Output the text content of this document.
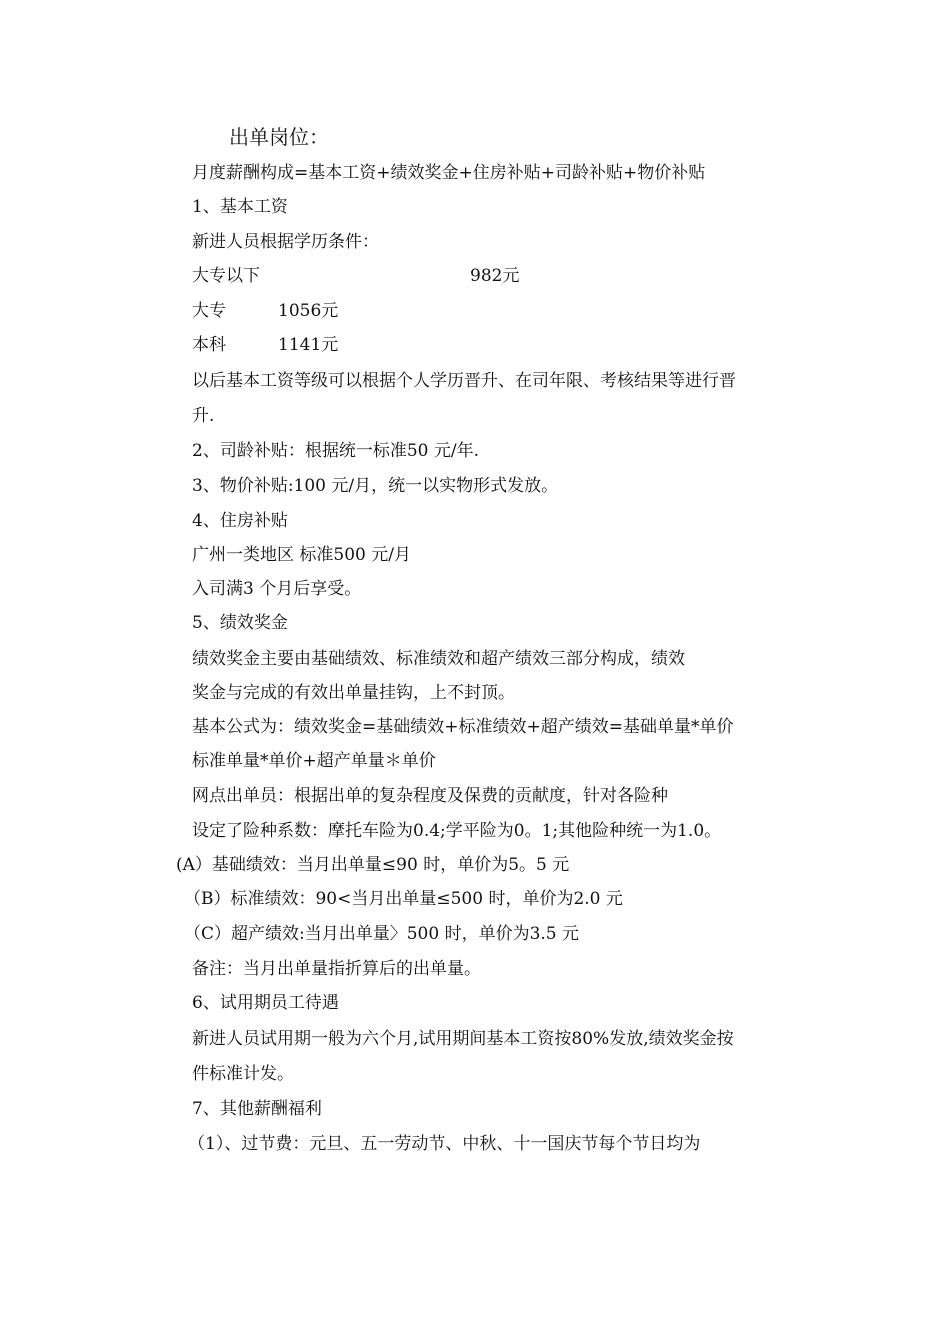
出单岗位：
月度薪酬构成=基本工资+绩效奖金+住房补贴+司龄补贴+物价补贴
1、基本工资
新进人员根据学历条件：
大专以下	982元
大专	1056元
本科	1141元
以后基本工资等级可以根据个人学历晋升、在司年限、考核结果等进行晋
升.
2、司龄补贴：根据统一标准50 元/年.
3、物价补贴:100 元/月，统一以实物形式发放。
4、住房补贴
广州一类地区 标准500 元/月
入司满3 个月后享受。
5、绩效奖金
绩效奖金主要由基础绩效、标准绩效和超产绩效三部分构成，绩效
奖金与完成的有效出单量挂钩，上不封顶。
基本公式为：绩效奖金=基础绩效+标准绩效+超产绩效=基础单量*单价
标准单量*单价+超产单量＊单价
网点出单员：根据出单的复杂程度及保费的贡献度，针对各险种
设定了险种系数：摩托车险为0.4;学平险为0。1;其他险种统一为1.0。
(A）基础绩效：当月出单量≤90 时，单价为5。5 元
（B）标准绩效：90<当月出单量≤500 时，单价为2.0 元
（C）超产绩效:当月出单量〉500 时，单价为3.5 元
备注：当月出单量指折算后的出单量。
6、试用期员工待遇
新进人员试用期一般为六个月,试用期间基本工资按80%发放,绩效奖金按
件标准计发。
7、其他薪酬福利
（1）、过节费：元旦、五一劳动节、中秋、十一国庆节每个节日均为
